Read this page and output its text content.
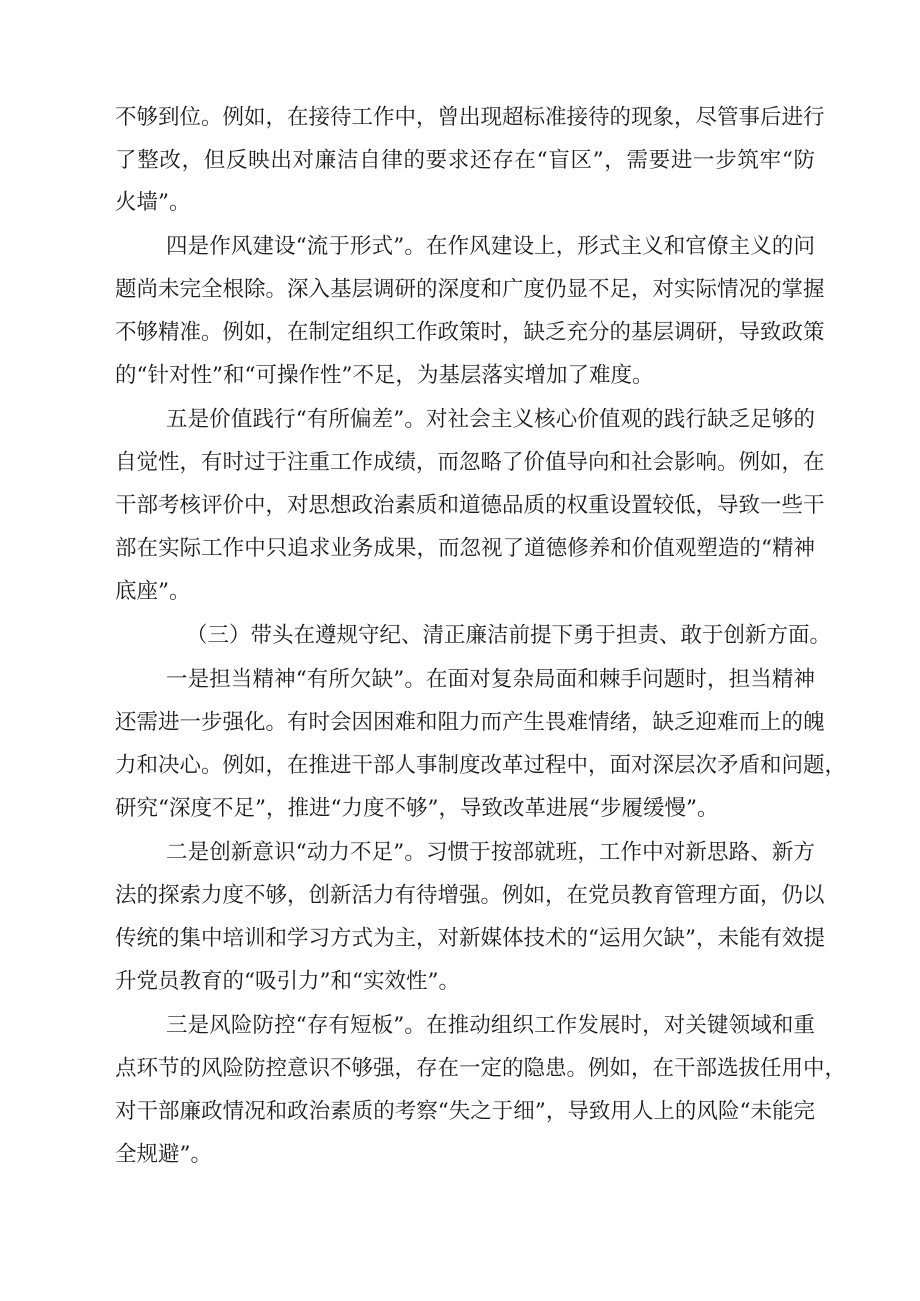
不够到位。例如，在接待工作中，曾出现超标准接待的现象，尽管事后进行
了整改，但反映出对廉洁自律的要求还存在“盲区”，需要进一步筑牢“防
火墙”。
四是作风建设“流于形式”。在作风建设上，形式主义和官僚主义的问
题尚未完全根除。深入基层调研的深度和广度仍显不足，对实际情况的掌握
不够精准。例如，在制定组织工作政策时，缺乏充分的基层调研，导致政策
的“针对性”和“可操作性”不足，为基层落实增加了难度。
五是价值践行“有所偏差”。对社会主义核心价值观的践行缺乏足够的
自觉性，有时过于注重工作成绩，而忽略了价值导向和社会影响。例如，在
干部考核评价中，对思想政治素质和道德品质的权重设置较低，导致一些干
部在实际工作中只追求业务成果，而忽视了道德修养和价值观塑造的“精神
底座”。
（三）带头在遵规守纪、清正廉洁前提下勇于担责、敢于创新方面。
一是担当精神“有所欠缺”。在面对复杂局面和棘手问题时，担当精神
还需进一步强化。有时会因困难和阻力而产生畏难情绪，缺乏迎难而上的魄
力和决心。例如，在推进干部人事制度改革过程中，面对深层次矛盾和问题，
研究“深度不足”，推进“力度不够”，导致改革进展“步履缓慢”。
二是创新意识“动力不足”。习惯于按部就班，工作中对新思路、新方
法的探索力度不够，创新活力有待增强。例如，在党员教育管理方面，仍以
传统的集中培训和学习方式为主，对新媒体技术的“运用欠缺”，未能有效提
升党员教育的“吸引力”和“实效性”。
三是风险防控“存有短板”。在推动组织工作发展时，对关键领域和重
点环节的风险防控意识不够强，存在一定的隐患。例如，在干部选拔任用中，
对干部廉政情况和政治素质的考察“失之于细”，导致用人上的风险“未能完
全规避”。
